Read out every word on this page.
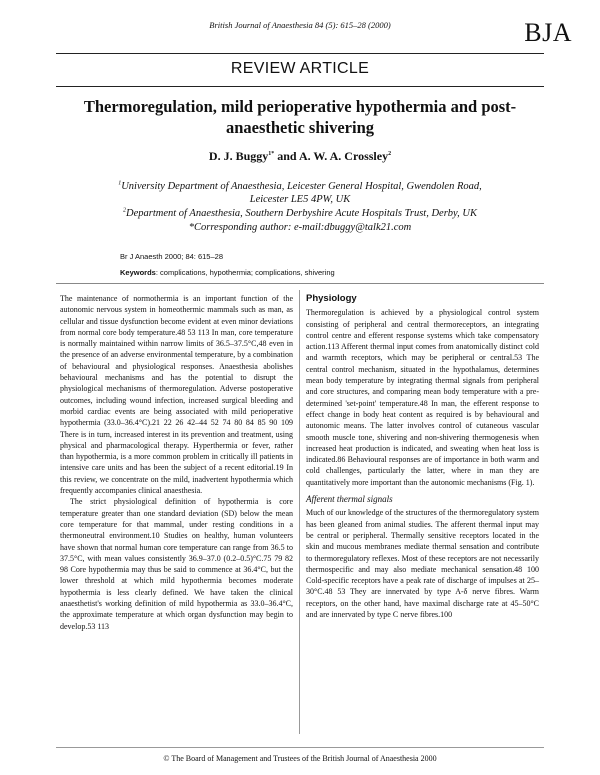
British Journal of Anaesthesia 84 (5): 615–28 (2000)	BJA
REVIEW ARTICLE
Thermoregulation, mild perioperative hypothermia and post-anaesthetic shivering
D. J. Buggy$^{1*}$ and A. W. A. Crossley$^2$
$^1$University Department of Anaesthesia, Leicester General Hospital, Gwendolen Road,
Leicester LE5 4PW, UK
$^2$Department of Anaesthesia, Southern Derbyshire Acute Hospitals Trust, Derby, UK
*Corresponding author: e-mail:dbuggy@talk21.com
Br J Anaesth 2000; 84: 615–28
Keywords: complications, hypothermia; complications, shivering

The maintenance of normothermia is an important function of the autonomic nervous system in homeothermic mammals such as man, as cellular and tissue dysfunction become evident at even minor deviations from normal core body temperature.48 53 113 In man, core temperature is normally maintained within narrow limits of 36.5–37.5°C,48 even in the presence of an adverse environmental temperature, by a combination of behavioural and physiological responses. Anaesthesia abolishes behavioural mechanisms and has the potential to disrupt the physiological mechanisms of thermoregulation. Adverse postoperative outcomes, including wound infection, increased surgical bleeding and morbid cardiac events are being associated with mild perioperative hypothermia (33.0–36.4°C).21 22 26 42–44 52 74 80 84 85 90 109 There is in turn, increased interest in its prevention and treatment, using physical and pharmacological therapy. Hyperthermia or fever, rather than hypothermia, is a more common problem in critically ill patients in intensive care units and has been the subject of a recent editorial.19 In this review, we concentrate on the mild, inadvertent hypothermia which frequently accompanies clinical anaesthesia.

The strict physiological definition of hypothermia is core temperature greater than one standard deviation (SD) below the mean core temperature for that mammal, under resting conditions in a thermoneutral environment.10 Studies on healthy, human volunteers have shown that normal human core temperature can range from 36.5 to 37.5°C, with mean values consistently 36.9–37.0 (0.2–0.5)°C.75 79 82 98 Core hypothermia may thus be said to commence at 36.4°C, but the lower threshold at which mild hypothermia becomes moderate hypothermia is less clearly defined. We have taken the clinical anaesthetist's working definition of mild hypothermia as 33.0–36.4°C, the approximate temperature at which organ dysfunction may begin to develop.53 113

Physiology

Thermoregulation is achieved by a physiological control system consisting of peripheral and central thermoreceptors, an integrating control centre and efferent response systems which take compensatory action.113 Afferent thermal input comes from anatomically distinct cold and warmth receptors, which may be peripheral or central.53 The central control mechanism, situated in the hypothalamus, determines mean body temperature by integrating thermal signals from peripheral and core structures, and comparing mean body temperature with a pre-determined 'set-point' temperature.48 In man, the efferent response to effect change in body heat content as required is by behavioural and autonomic means. The latter involves control of cutaneous vascular smooth muscle tone, shivering and non-shivering thermogenesis when increased heat production is indicated, and sweating when heat loss is indicated.86 Behavioural responses are of importance in both warm and cold challenges, particularly the latter, where in man they are quantitatively more important than the autonomic mechanisms (Fig. 1).

Afferent thermal signals

Much of our knowledge of the structures of the thermoregulatory system has been gleaned from animal studies. The afferent thermal input may be central or peripheral. Thermally sensitive receptors located in the skin and mucous membranes mediate thermal sensation and contribute to thermoregulatory reflexes. Most of these receptors are not necessarily thermospecific and may also mediate mechanical sensation.48 100 Cold-specific receptors have a peak rate of discharge of impulses at 25–30°C.48 53 They are innervated by type A-δ nerve fibres. Warm receptors, on the other hand, have maximal discharge rate at 45–50°C and are innervated by type C nerve fibres.100

© The Board of Management and Trustees of the British Journal of Anaesthesia 2000
